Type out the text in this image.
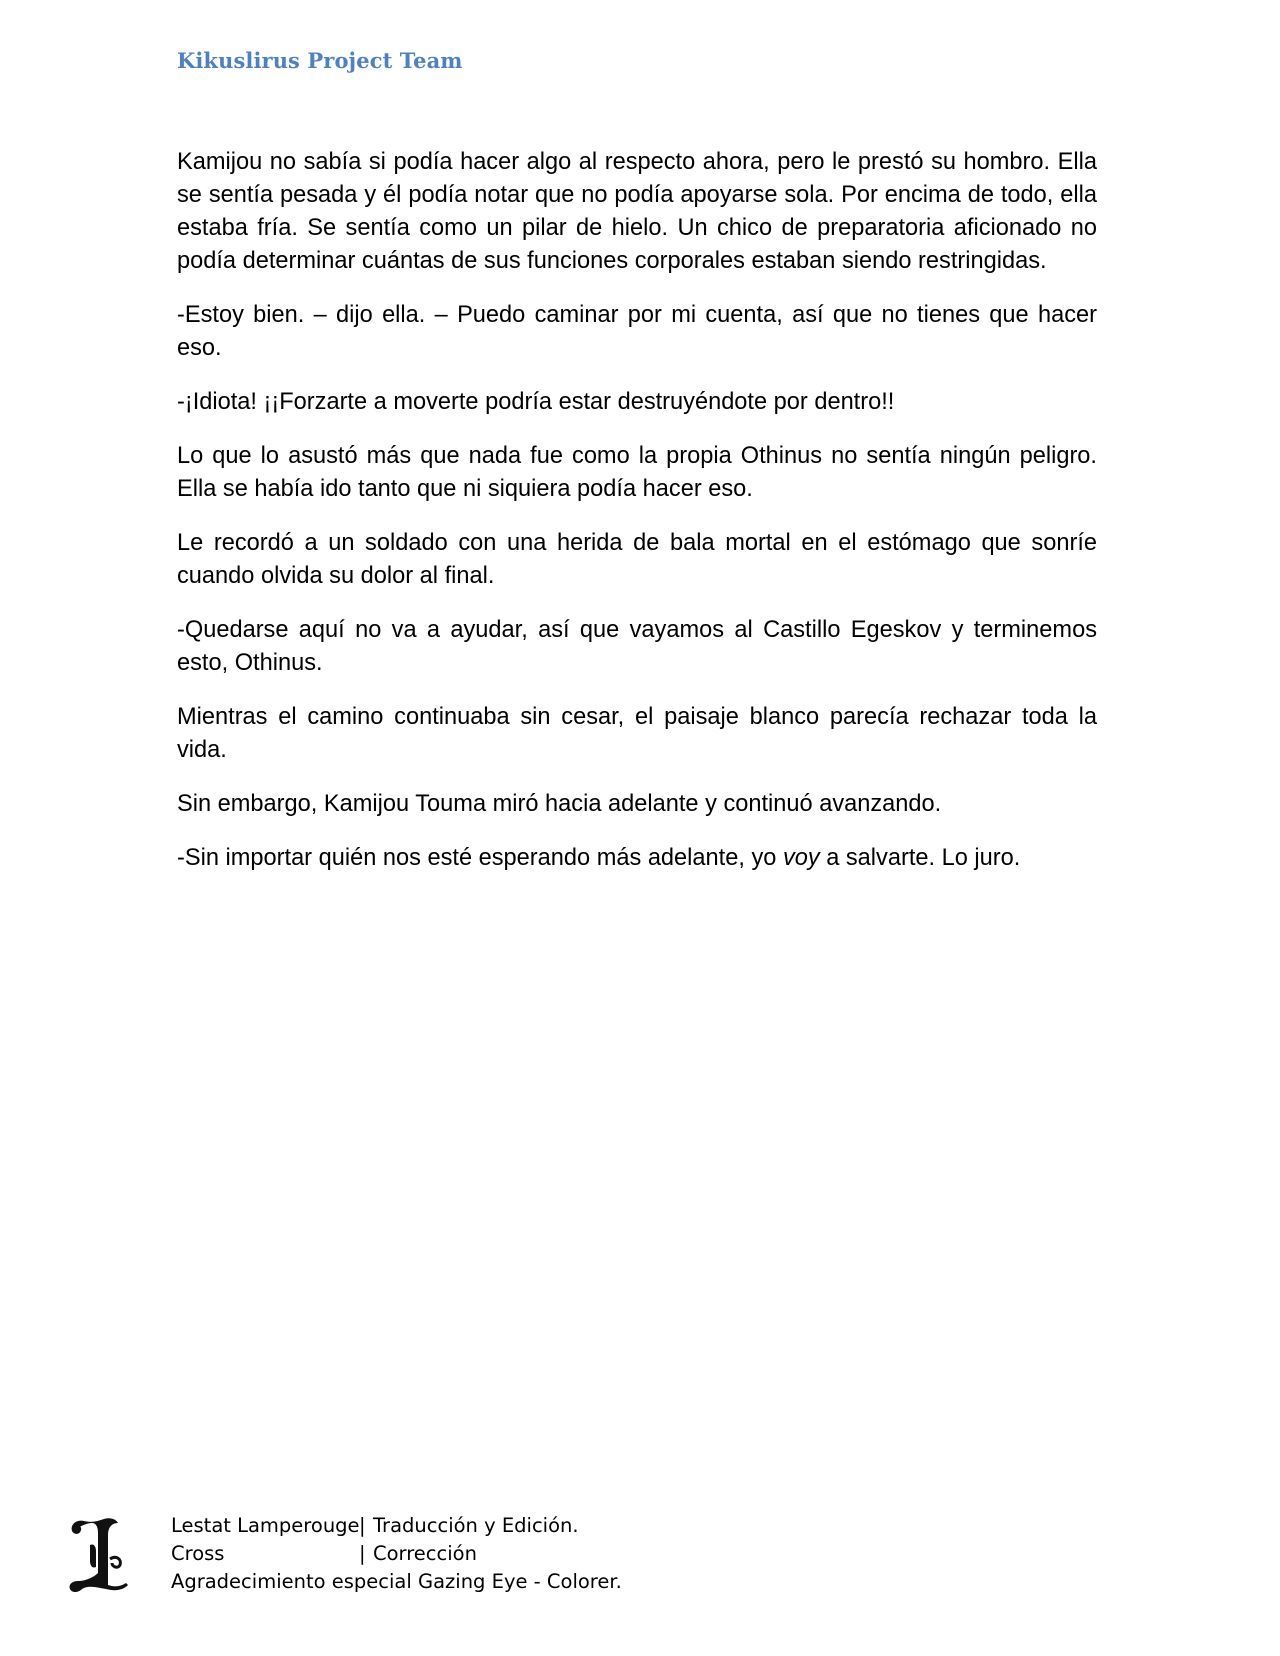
Kikuslirus Project Team

Kamijou no sabía si podía hacer algo al respecto ahora, pero le prestó su hombro. Ella se sentía pesada y él podía notar que no podía apoyarse sola. Por encima de todo, ella estaba fría. Se sentía como un pilar de hielo. Un chico de preparatoria aficionado no podía determinar cuántas de sus funciones corporales estaban siendo restringidas.

-Estoy bien. – dijo ella. – Puedo caminar por mi cuenta, así que no tienes que hacer eso.

-¡Idiota! ¡¡Forzarte a moverte podría estar destruyéndote por dentro!!

Lo que lo asustó más que nada fue como la propia Othinus no sentía ningún peligro. Ella se había ido tanto que ni siquiera podía hacer eso.

Le recordó a un soldado con una herida de bala mortal en el estómago que sonríe cuando olvida su dolor al final.

-Quedarse aquí no va a ayudar, así que vayamos al Castillo Egeskov y terminemos esto, Othinus.

Mientras el camino continuaba sin cesar, el paisaje blanco parecía rechazar toda la vida.

Sin embargo, Kamijou Touma miró hacia adelante y continuó avanzando.

-Sin importar quién nos esté esperando más adelante, yo voy a salvarte. Lo juro.

Lestat Lamperouge | Traducción y Edición.
Cross	| Corrección
Agradecimiento especial Gazing Eye - Colorer.
